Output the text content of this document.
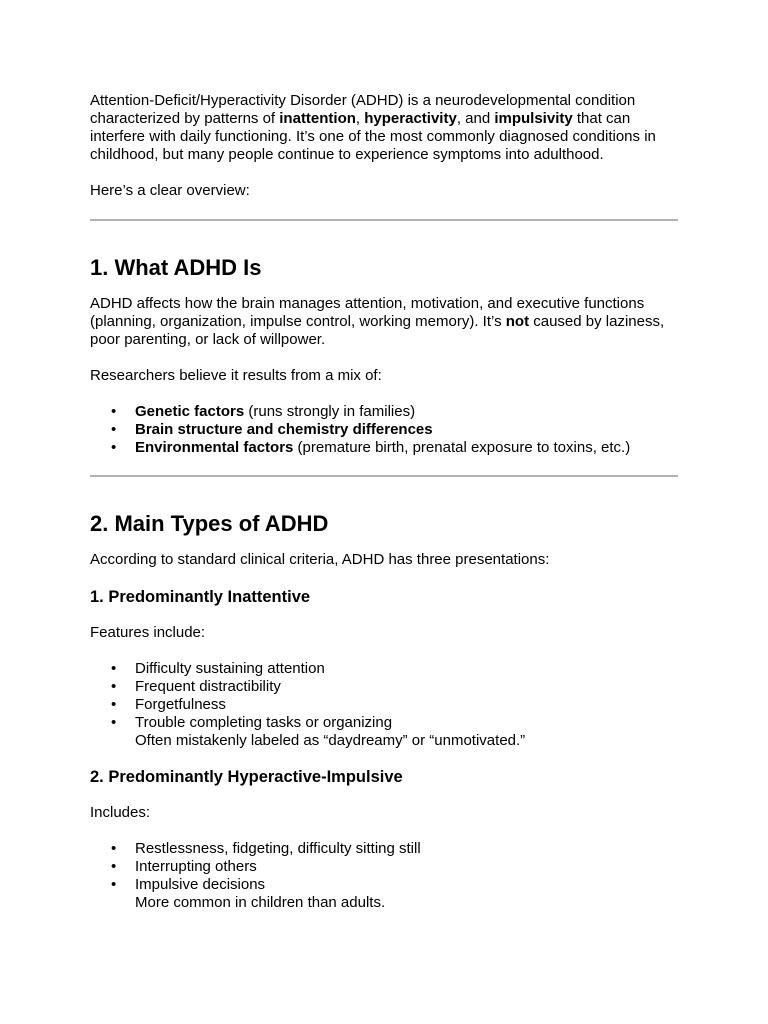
Attention-Deficit/Hyperactivity Disorder (ADHD) is a neurodevelopmental condition characterized by patterns of inattention, hyperactivity, and impulsivity that can interfere with daily functioning. It’s one of the most commonly diagnosed conditions in childhood, but many people continue to experience symptoms into adulthood.

Here’s a clear overview:

1. What ADHD Is

ADHD affects how the brain manages attention, motivation, and executive functions (planning, organization, impulse control, working memory). It’s not caused by laziness, poor parenting, or lack of willpower.

Researchers believe it results from a mix of:

• Genetic factors (runs strongly in families)
• Brain structure and chemistry differences
• Environmental factors (premature birth, prenatal exposure to toxins, etc.)
2. Main Types of ADHD

According to standard clinical criteria, ADHD has three presentations:

1. Predominantly Inattentive

Features include:

• Difficulty sustaining attention
• Frequent distractibility
• Forgetfulness
• Trouble completing tasks or organizing
Often mistakenly labeled as “daydreamy” or “unmotivated.”
2. Predominantly Hyperactive-Impulsive

Includes:

• Restlessness, fidgeting, difficulty sitting still
• Interrupting others
• Impulsive decisions
More common in children than adults.
